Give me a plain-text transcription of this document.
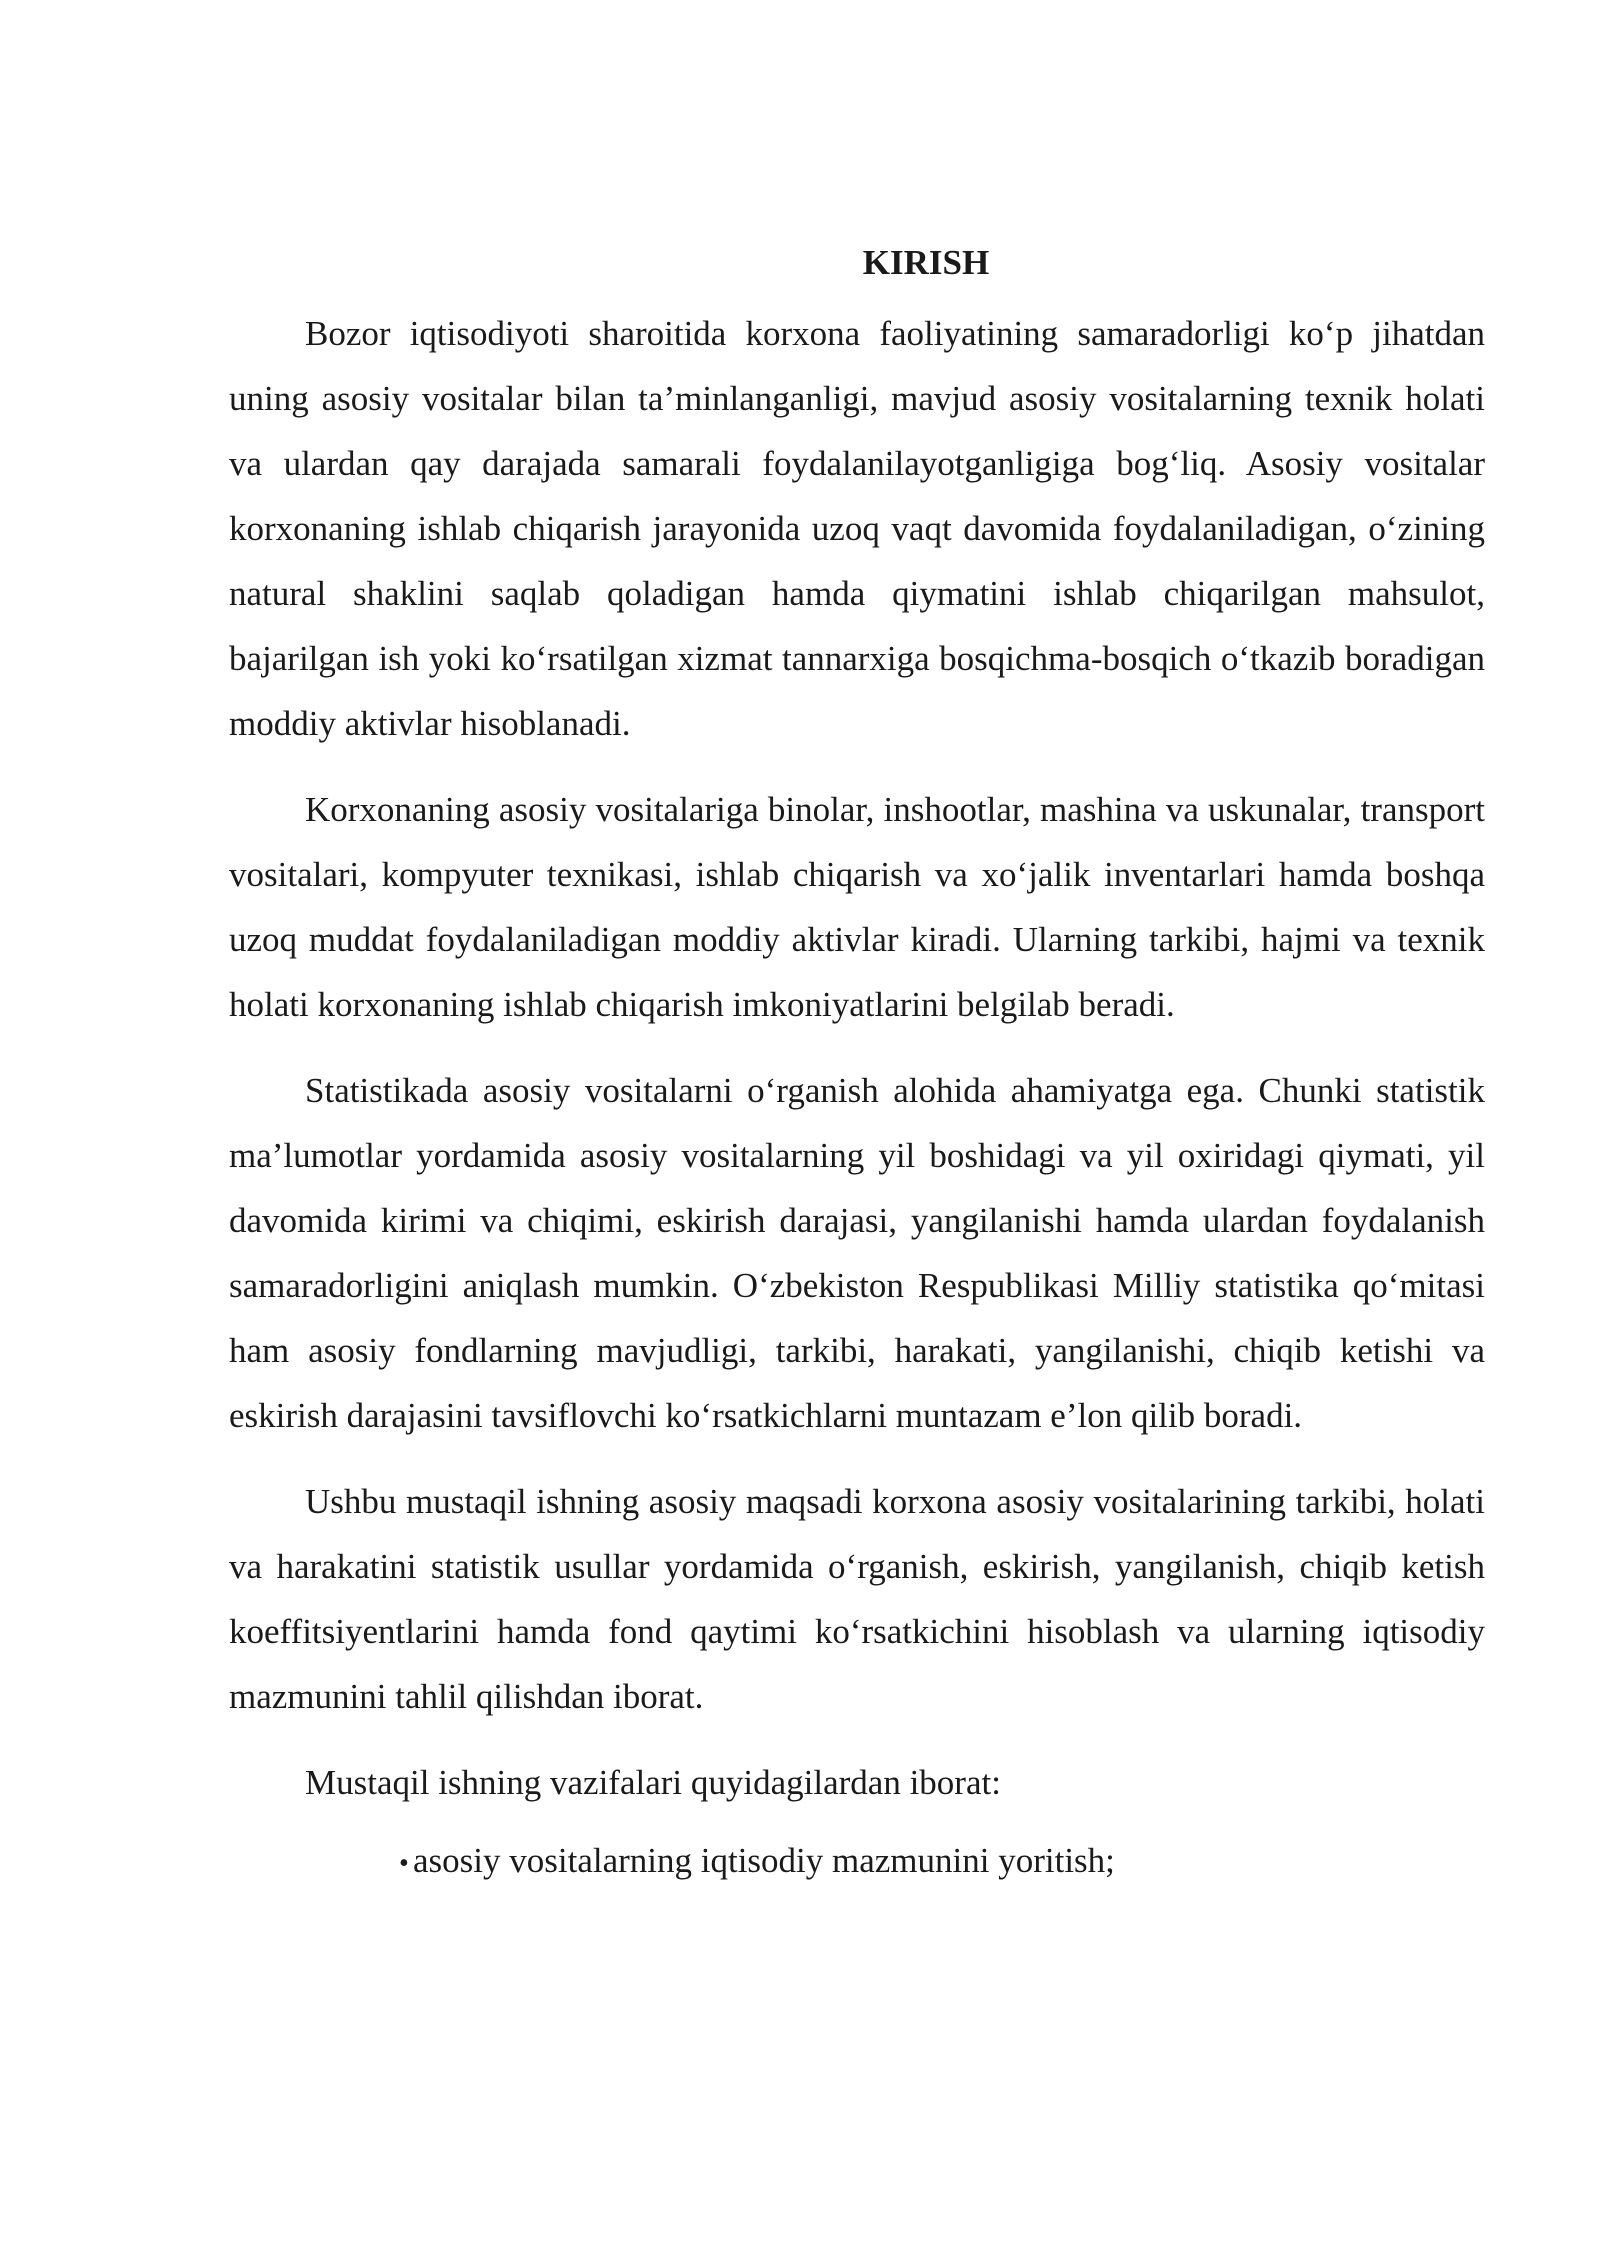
KIRISH

Bozor iqtisodiyoti sharoitida korxona faoliyatining samaradorligi ko‘p jihatdan uning asosiy vositalar bilan ta’minlanganligi, mavjud asosiy vositalarning texnik holati va ulardan qay darajada samarali foydalanilayotganligiga bog‘liq. Asosiy vositalar korxonaning ishlab chiqarish jarayonida uzoq vaqt davomida foydalaniladigan, o‘zining natural shaklini saqlab qoladigan hamda qiymatini ishlab chiqarilgan mahsulot, bajarilgan ish yoki ko‘rsatilgan xizmat tannarxiga bosqichma-bosqich o‘tkazib boradigan moddiy aktivlar hisoblanadi.

Korxonaning asosiy vositalariga binolar, inshootlar, mashina va uskunalar, transport vositalari, kompyuter texnikasi, ishlab chiqarish va xo‘jalik inventarlari hamda boshqa uzoq muddat foydalaniladigan moddiy aktivlar kiradi. Ularning tarkibi, hajmi va texnik holati korxonaning ishlab chiqarish imkoniyatlarini belgilab beradi.

Statistikada asosiy vositalarni o‘rganish alohida ahamiyatga ega. Chunki statistik ma’lumotlar yordamida asosiy vositalarning yil boshidagi va yil oxiridagi qiymati, yil davomida kirimi va chiqimi, eskirish darajasi, yangilanishi hamda ulardan foydalanish samaradorligini aniqlash mumkin. O‘zbekiston Respublikasi Milliy statistika qo‘mitasi ham asosiy fondlarning mavjudligi, tarkibi, harakati, yangilanishi, chiqib ketishi va eskirish darajasini tavsiflovchi ko‘rsatkichlarni muntazam e’lon qilib boradi.

Ushbu mustaqil ishning asosiy maqsadi korxona asosiy vositalarining tarkibi, holati va harakatini statistik usullar yordamida o‘rganish, eskirish, yangilanish, chiqib ketish koeffitsiyentlarini hamda fond qaytimi ko‘rsatkichini hisoblash va ularning iqtisodiy mazmunini tahlil qilishdan iborat.

Mustaqil ishning vazifalari quyidagilardan iborat:

• asosiy vositalarning iqtisodiy mazmunini yoritish;
